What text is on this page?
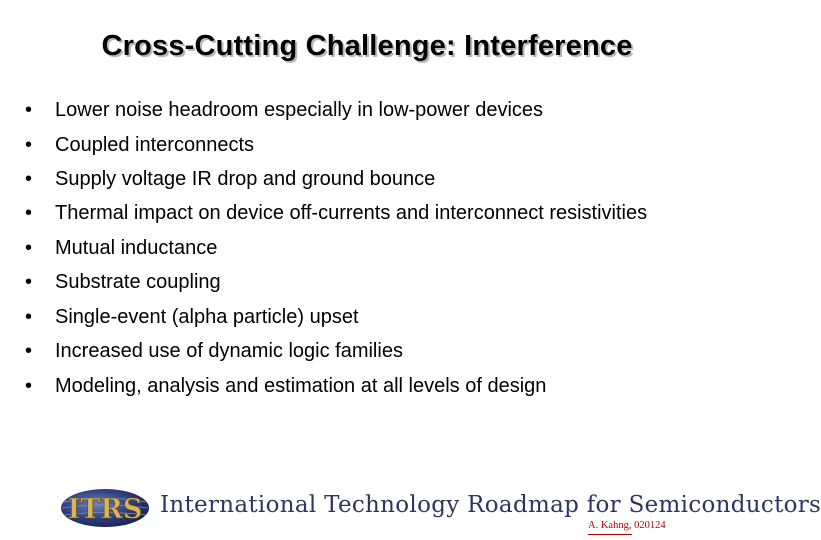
Cross-Cutting Challenge: Interference
• Lower noise headroom especially in low-power devices
• Coupled interconnects
• Supply voltage IR drop and ground bounce
• Thermal impact on device off-currents and interconnect resistivities
• Mutual inductance
• Substrate coupling
• Single-event (alpha particle) upset
• Increased use of dynamic logic families
• Modeling, analysis and estimation at all levels of design
ITRS International Technology Roadmap for Semiconductors
A. Kahng, 020124
